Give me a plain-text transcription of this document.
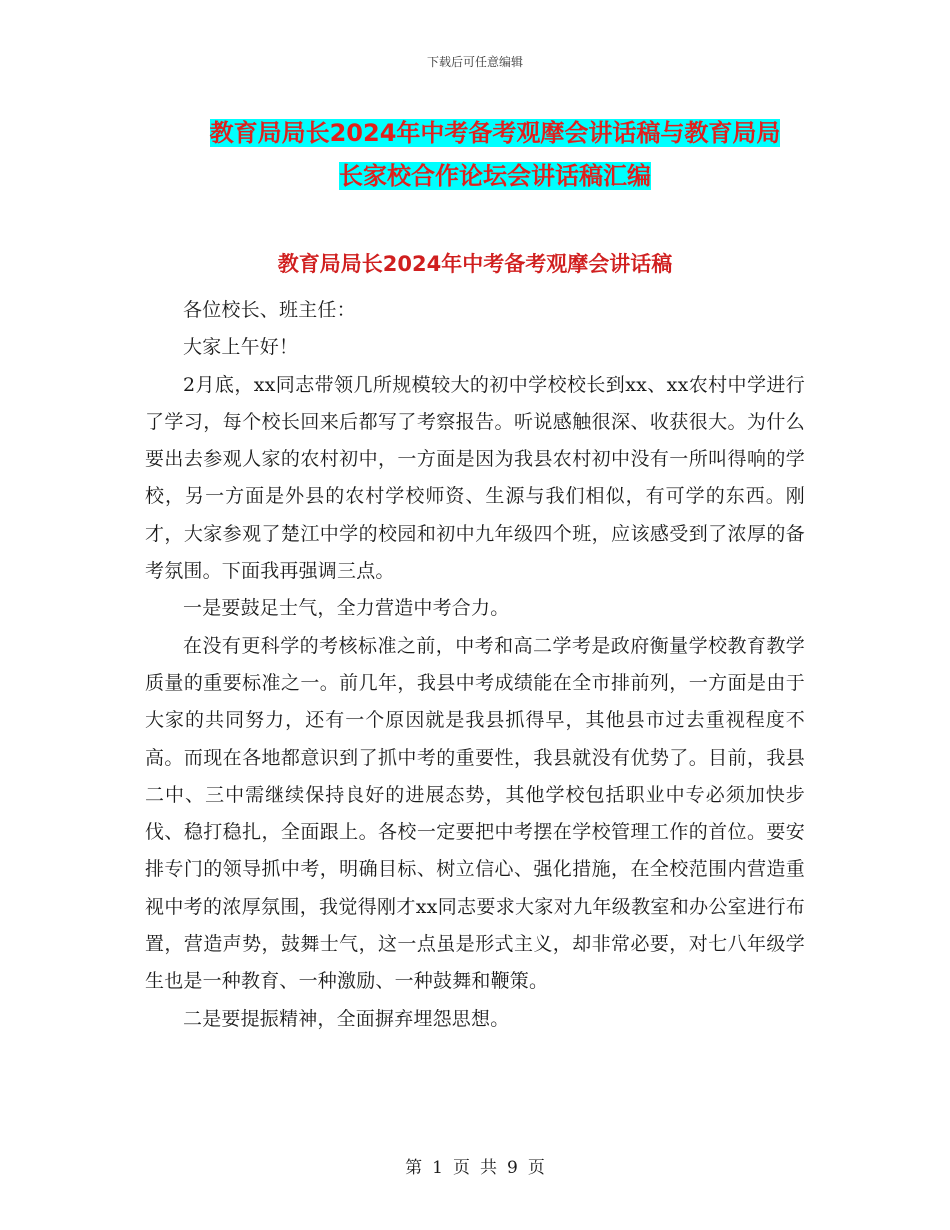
下载后可任意编辑
教育局局长2024年中考备考观摩会讲话稿与教育局局
长家校合作论坛会讲话稿汇编
教育局局长2024年中考备考观摩会讲话稿

各位校长、班主任：

大家上午好！

2月底，xx同志带领几所规模较大的初中学校校长到xx、xx农村中学进行了学习，每个校长回来后都写了考察报告。听说感触很深、收获很大。为什么要出去参观人家的农村初中，一方面是因为我县农村初中没有一所叫得响的学校，另一方面是外县的农村学校师资、生源与我们相似，有可学的东西。刚才，大家参观了楚江中学的校园和初中九年级四个班，应该感受到了浓厚的备考氛围。下面我再强调三点。

一是要鼓足士气，全力营造中考合力。

在没有更科学的考核标准之前，中考和高二学考是政府衡量学校教育教学质量的重要标准之一。前几年，我县中考成绩能在全市排前列，一方面是由于大家的共同努力，还有一个原因就是我县抓得早，其他县市过去重视程度不高。而现在各地都意识到了抓中考的重要性，我县就没有优势了。目前，我县二中、三中需继续保持良好的进展态势，其他学校包括职业中专必须加快步伐、稳打稳扎，全面跟上。各校一定要把中考摆在学校管理工作的首位。要安排专门的领导抓中考，明确目标、树立信心、强化措施，在全校范围内营造重视中考的浓厚氛围，我觉得刚才xx同志要求大家对九年级教室和办公室进行布置，营造声势，鼓舞士气，这一点虽是形式主义，却非常必要，对七八年级学生也是一种教育、一种激励、一种鼓舞和鞭策。

二是要提振精神，全面摒弃埋怨思想。

第 1 页 共 9 页
